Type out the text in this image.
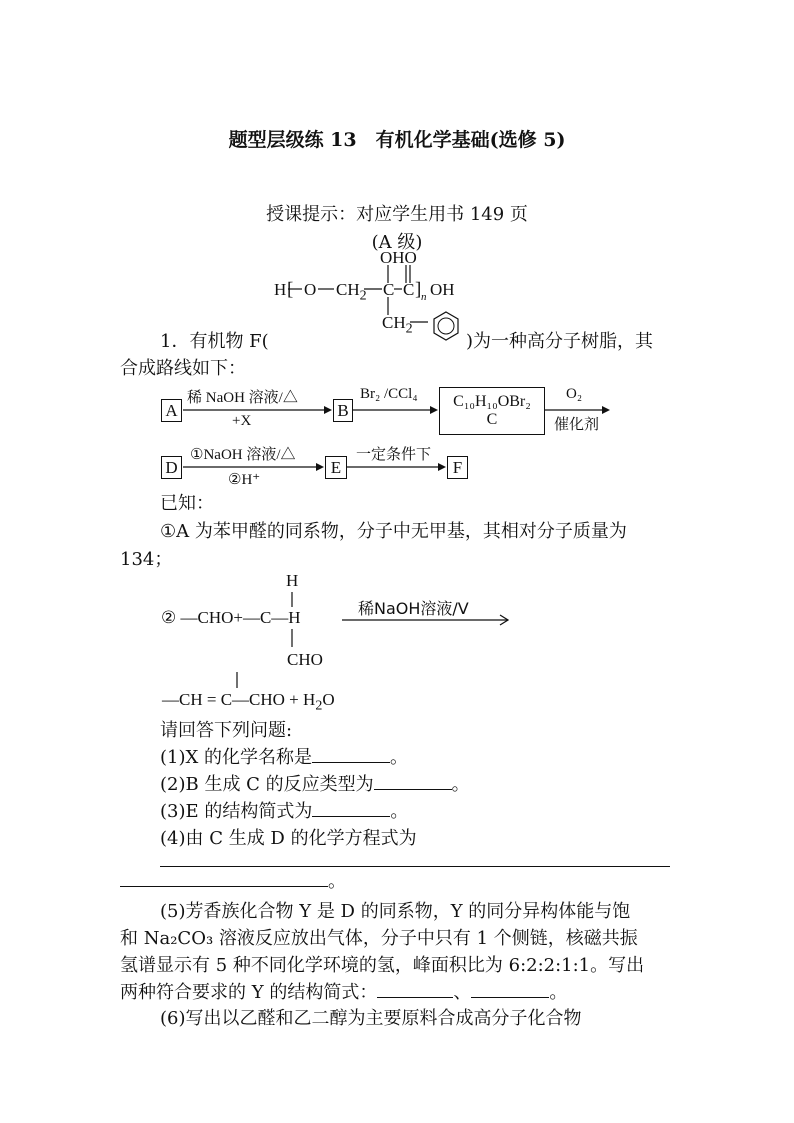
题型层级练 13　有机化学基础(选修 5)
授课提示：对应学生用书 149 页
(A 级)
OHO
H [ O $CH_2$ C C ] n OH
$CH_2$
1．有机物 F(	)为一种高分子树脂，其
合成路线如下：
A
稀 NaOH 溶液/△
+X
B
Br₂ /CCl₄ C₁₀H₁₀OBr₂
C
O₂
催化剂
D
①NaOH 溶液/△
②H⁺
E
一定条件下
F
已知：
①A 为苯甲醛的同系物，分子中无甲基，其相对分子质量为
134；
H
② —CHO+—C—H	稀NaOH溶液/V
CHO
—CH = C—CHO + $H_2O$
请回答下列问题:
(1)X 的化学名称是	。
(2)B 生成 C 的反应类型为	。
(3)E 的结构简式为	。
(4)由 C 生成 D 的化学方程式为
。
(5)芳香族化合物 Y 是 D 的同系物，Y 的同分异构体能与饱
和 Na₂CO₃ 溶液反应放出气体，分子中只有 1 个侧链，核磁共振
氢谱显示有 5 种不同化学环境的氢，峰面积比为 6:2:2:1:1。写出
两种符合要求的 Y 的结构简式：	、	。
(6)写出以乙醛和乙二醇为主要原料合成高分子化合物
